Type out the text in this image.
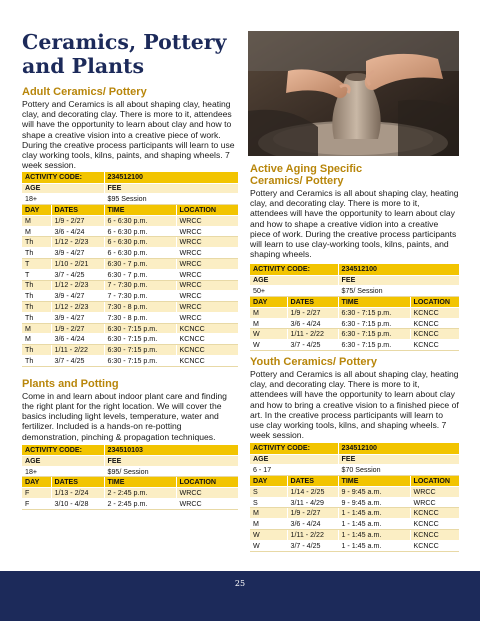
Ceramics, Pottery and Plants
Adult Ceramics/ Pottery
Pottery and Ceramics is all about shaping clay, heating clay, and decorating clay. There is more to it, attendees will have the opportunity to learn about clay and how to shape a creative vision into a creative piece of work. During the creative process participants will learn to use clay working tools, kilns, paints, and shaping wheels. 7 week session.
ACTIVITY CODE:		234512100	
AGE		FEE	
18+		$95 Session	
DAY	DATES	TIME	LOCATION
M	1/9 - 2/27	6 - 6:30 p.m.	WRCC
M	3/6 - 4/24	6 - 6:30 p.m.	WRCC
Th	1/12 - 2/23	6 - 6:30 p.m.	WRCC
Th	3/9 - 4/27	6 - 6:30 p.m.	WRCC
T	1/10 - 2/21	6:30 - 7 p.m.	WRCC
T	3/7 - 4/25	6:30 - 7 p.m.	WRCC
Th	1/12 - 2/23	7 - 7:30 p.m.	WRCC
Th	3/9 - 4/27	7 - 7:30 p.m.	WRCC
Th	1/12 - 2/23	7:30 - 8 p.m.	WRCC
Th	3/9 - 4/27	7:30 - 8 p.m.	WRCC
M	1/9 - 2/27	6:30 - 7:15 p.m.	KCNCC
M	3/6 - 4/24	6:30 - 7:15 p.m.	KCNCC
Th	1/11 - 2/22	6:30 - 7:15 p.m.	KCNCC
Th	3/7 - 4/25	6:30 - 7:15 p.m.	KCNCC
Plants and Potting
Come in and learn about indoor plant care and finding the right plant for the right location. We will cover the basics including light levels, temperature, water and fertilizer. Included is a hands-on re-potting demonstration, pinching & propagation techniques.
ACTIVITY CODE:		234510103	
AGE		FEE	
18+		$95/ Session	
DAY	DATES	TIME	LOCATION
F	1/13 - 2/24	2 - 2:45 p.m.	WRCC
F	3/10 - 4/28	2 - 2:45 p.m.	WRCC
Active Aging Specific
Ceramics/ Pottery
Pottery and Ceramics is all about shaping clay, heating clay, and decorating clay. There is more to it, attendees will have the opportunity to learn about clay and how to shape a creative vidion into a creative piece of work. During the creative process participants will learn to use clay-working tools, kilns, paints, and shaping wheels.
ACTIVITY CODE:		234512100	
AGE		FEE	
50+		$75/ Session	
DAY	DATES	TIME	LOCATION
M	1/9 - 2/27	6:30 - 7:15 p.m.	KCNCC
M	3/6 - 4/24	6:30 - 7:15 p.m.	KCNCC
W	1/11 - 2/22	6:30 - 7:15 p.m.	KCNCC
W	3/7 - 4/25	6:30 - 7:15 p.m.	KCNCC
Youth Ceramics/ Pottery
Pottery and Ceramics is all about shaping clay, heating clay, and decorating clay. There is more to it, attendees will have the opportunity to learn about clay and how to bring a creative vision to a finished piece of art. In the creative process participants will learn to use clay working tools, kilns, and shaping wheels. 7 week session.
ACTIVITY CODE:		234512100	
AGE		FEE	
6 - 17		$70 Session	
DAY	DATES	TIME	LOCATION
S	1/14 - 2/25	9 - 9:45 a.m.	WRCC
S	3/11 - 4/29	9 - 9:45 a.m.	WRCC
M	1/9 - 2/27	1 - 1:45 a.m.	KCNCC
M	3/6 - 4/24	1 - 1:45 a.m.	KCNCC
W	1/11 - 2/22	1 - 1:45 a.m.	KCNCC
W	3/7 - 4/25	1 - 1:45 a.m.	KCNCC
25
